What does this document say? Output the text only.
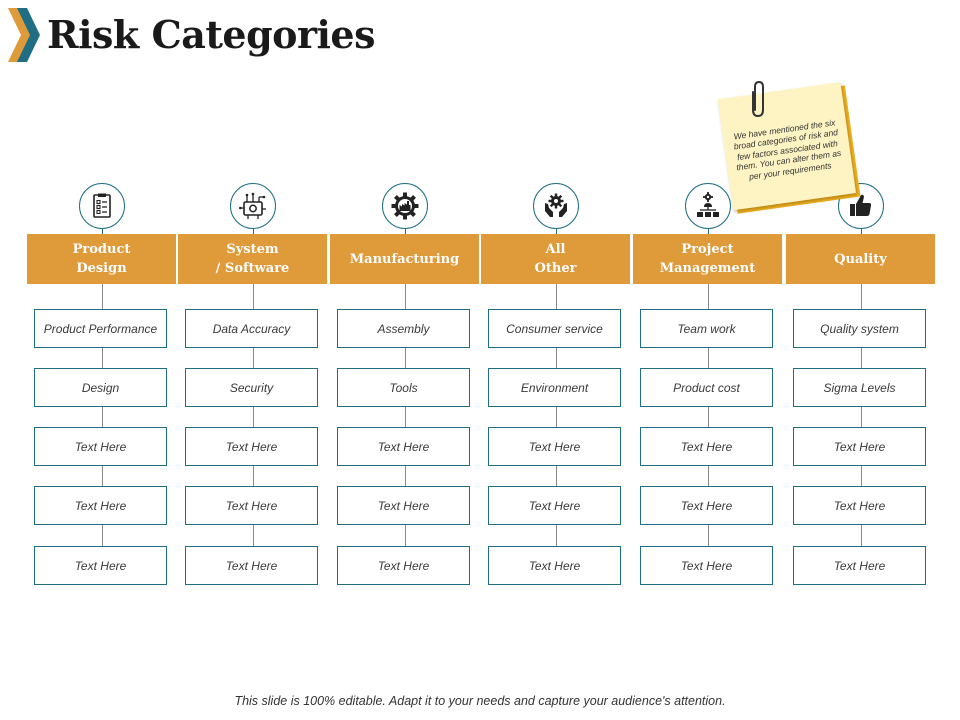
Risk Categories
Product
Design
Product Performance
Design
Text Here
Text Here
Text Here
System
/ Software
Data Accuracy
Security
Text Here
Text Here
Text Here
Manufacturing
Assembly
Tools
Text Here
Text Here
Text Here
All
Other
Consumer service
Environment
Text Here
Text Here
Text Here
Project
Management
Team work
Product cost
Text Here
Text Here
Text Here
Quality
Quality system
Sigma Levels
Text Here
Text Here
Text Here
We have mentioned the six broad categories of risk and few factors associated with them. You can alter them as per your requirements
This slide is 100% editable. Adapt it to your needs and capture your audience's attention.
